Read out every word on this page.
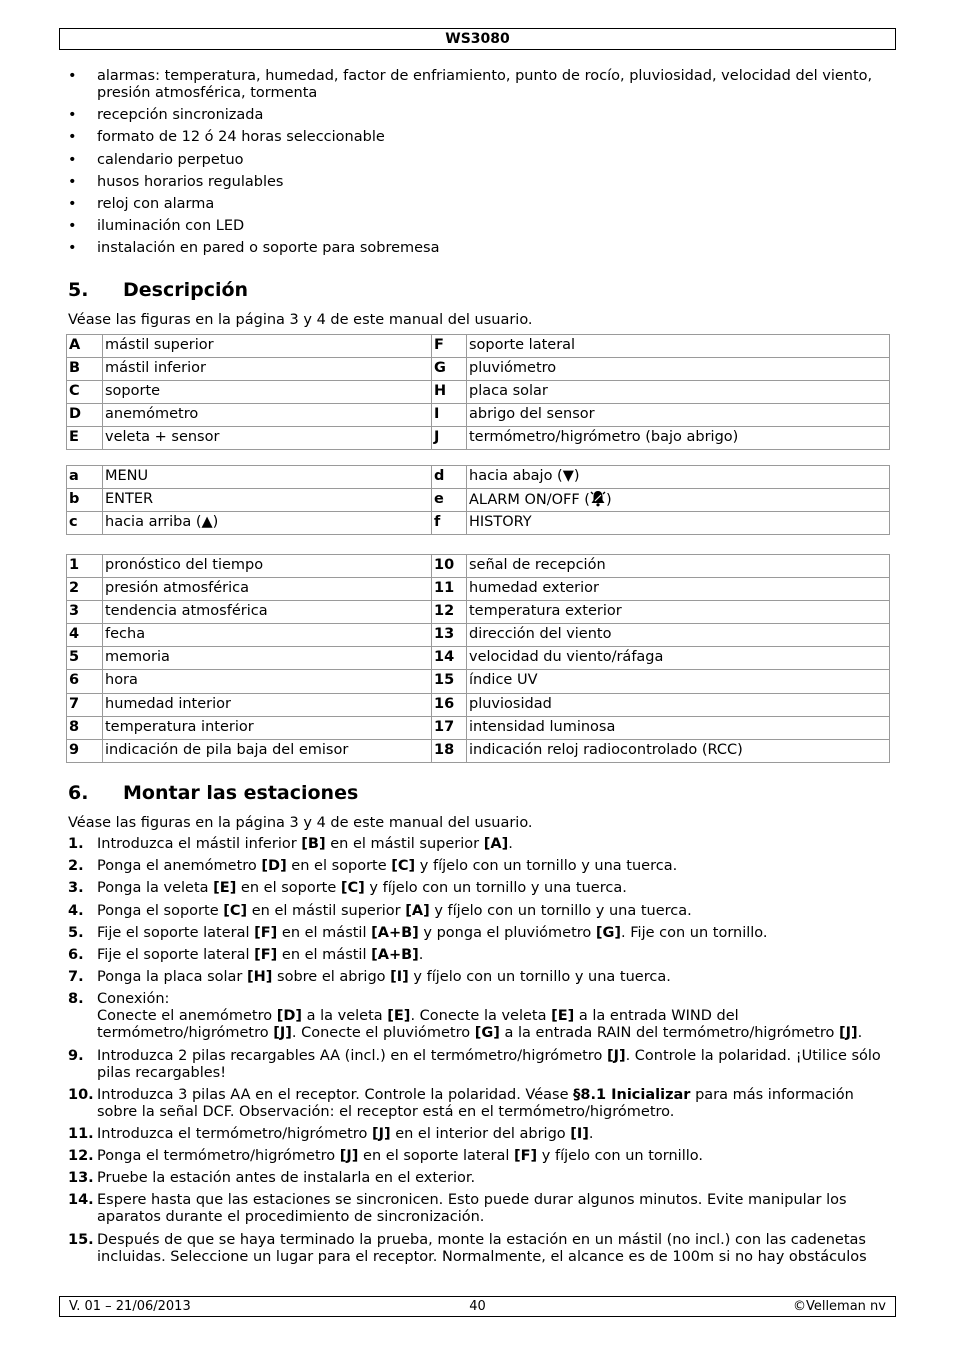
WS3080
• alarmas: temperatura, humedad, factor de enfriamiento, punto de rocío, pluviosidad, velocidad del viento, presión atmosférica, tormenta
• recepción sincronizada
• formato de 12 ó 24 horas seleccionable
• calendario perpetuo
• husos horarios regulables
• reloj con alarma
• iluminación con LED
• instalación en pared o soporte para sobremesa
5. Descripción
Véase las figuras en la página 3 y 4 de este manual del usuario.
A	mástil superior	F	soporte lateral
B	mástil inferior	G	pluviómetro
C	soporte	H	placa solar
D	anemómetro	I	abrigo del sensor
E	veleta + sensor	J	termómetro/higrómetro (bajo abrigo)
a	MENU	d	hacia abajo (▼)
b	ENTER	e	ALARM ON/OFF ( )
c	hacia arriba (▲)	f	HISTORY
1	pronóstico del tiempo	10	señal de recepción
2	presión atmosférica	11	humedad exterior
3	tendencia atmosférica	12	temperatura exterior
4	fecha	13	dirección del viento
5	memoria	14	velocidad du viento/ráfaga
6	hora	15	índice UV
7	humedad interior	16	pluviosidad
8	temperatura interior	17	intensidad luminosa
9	indicación de pila baja del emisor	18	indicación reloj radiocontrolado (RCC)
6. Montar las estaciones
Véase las figuras en la página 3 y 4 de este manual del usuario.
1. Introduzca el mástil inferior [B] en el mástil superior [A].
2. Ponga el anemómetro [D] en el soporte [C] y fíjelo con un tornillo y una tuerca.
3. Ponga la veleta [E] en el soporte [C] y fíjelo con un tornillo y una tuerca.
4. Ponga el soporte [C] en el mástil superior [A] y fíjelo con un tornillo y una tuerca.
5. Fije el soporte lateral [F] en el mástil [A+B] y ponga el pluviómetro [G]. Fije con un tornillo.
6. Fije el soporte lateral [F] en el mástil [A+B].
7. Ponga la placa solar [H] sobre el abrigo [I] y fíjelo con un tornillo y una tuerca.
8. Conexión:
Conecte el anemómetro [D] a la veleta [E]. Conecte la veleta [E] a la entrada WIND del termómetro/higrómetro [J]. Conecte el pluviómetro [G] a la entrada RAIN del termómetro/higrómetro [J].
9. Introduzca 2 pilas recargables AA (incl.) en el termómetro/higrómetro [J]. Controle la polaridad. ¡Utilice sólo pilas recargables!
10. Introduzca 3 pilas AA en el receptor. Controle la polaridad. Véase §8.1 Inicializar para más información sobre la señal DCF. Observación: el receptor está en el termómetro/higrómetro.
11. Introduzca el termómetro/higrómetro [J] en el interior del abrigo [I].
12. Ponga el termómetro/higrómetro [J] en el soporte lateral [F] y fíjelo con un tornillo.
13. Pruebe la estación antes de instalarla en el exterior.
14. Espere hasta que las estaciones se sincronicen. Esto puede durar algunos minutos. Evite manipular los aparatos durante el procedimiento de sincronización.
15. Después de que se haya terminado la prueba, monte la estación en un mástil (no incl.) con las cadenetas incluidas. Seleccione un lugar para el receptor. Normalmente, el alcance es de 100m si no hay obstáculos
V. 01 – 21/06/2013	40	©Velleman nv
